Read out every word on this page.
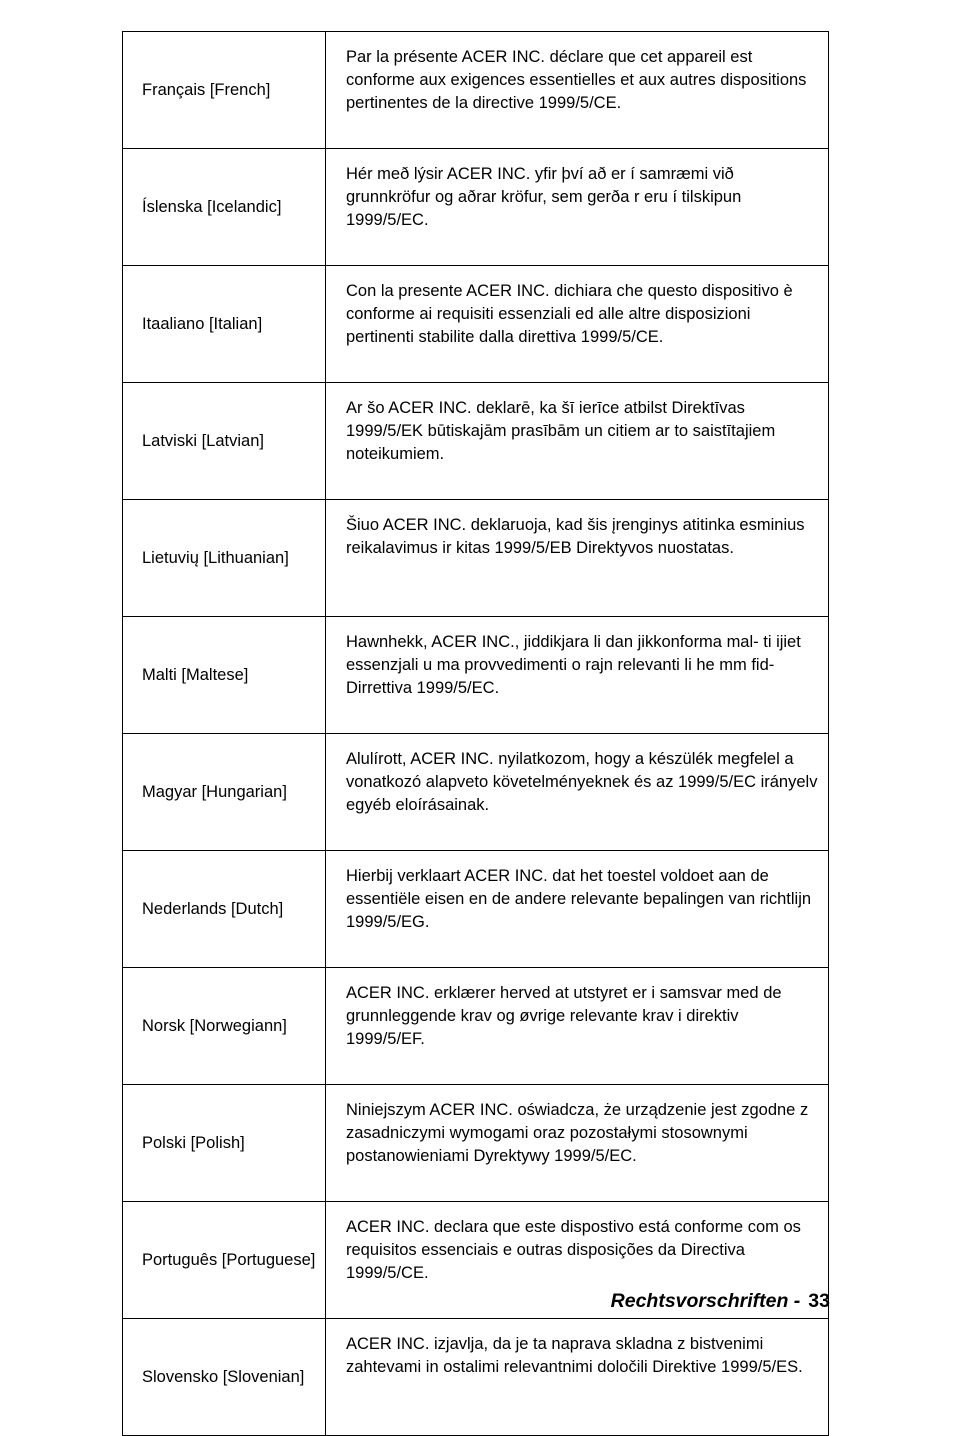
Français [French]	Par la présente ACER INC. déclare que cet appareil est conforme aux exigences essentielles et aux autres dispositions pertinentes de la directive 1999/5/CE.
Íslenska [Icelandic]	Hér með lýsir ACER INC. yfir því að er í samræmi við grunnkröfur og aðrar kröfur, sem gerða r eru í tilskipun 1999/5/EC.
Itaaliano [Italian]	Con la presente ACER INC. dichiara che questo dispositivo è conforme ai requisiti essenziali ed alle altre disposizioni pertinenti stabilite dalla direttiva 1999/5/CE.
Latviski [Latvian]	Ar šo ACER INC. deklarē, ka šī ierīce atbilst Direktīvas 1999/5/EK būtiskajām prasībām un citiem ar to saistītajiem noteikumiem.
Lietuvių [Lithuanian]	Šiuo ACER INC. deklaruoja, kad šis įrenginys atitinka esminius reikalavimus ir kitas 1999/5/EB Direktyvos nuostatas.
Malti [Maltese]	Hawnhekk, ACER INC., jiddikjara li dan jikkonforma mal- ti ijiet essenzjali u ma provvedimenti o rajn relevanti li he mm fid-Dirrettiva 1999/5/EC.
Magyar [Hungarian]	Alulírott, ACER INC. nyilatkozom, hogy a készülék megfelel a vonatkozó alapveto követelményeknek és az 1999/5/EC irányelv egyéb eloírásainak.
Nederlands [Dutch]	Hierbij verklaart ACER INC. dat het toestel voldoet aan de essentiële eisen en de andere relevante bepalingen van richtlijn 1999/5/EG.
Norsk [Norwegiann]	ACER INC. erklærer herved at utstyret er i samsvar med de grunnleggende krav og øvrige relevante krav i direktiv 1999/5/EF.
Polski [Polish]	Niniejszym ACER INC. oświadcza, że urządzenie jest zgodne z zasadniczymi wymogami oraz pozostałymi stosownymi postanowieniami Dyrektywy 1999/5/EC.
Português [Portuguese]	ACER INC. declara que este dispostivo está conforme com os requisitos essenciais e outras disposições da Directiva 1999/5/CE.
Slovensko [Slovenian]	ACER INC. izjavlja, da je ta naprava skladna z bistvenimi zahtevami in ostalimi relevantnimi določili Direktive 1999/5/ES.
Rechtsvorschriften - 33
